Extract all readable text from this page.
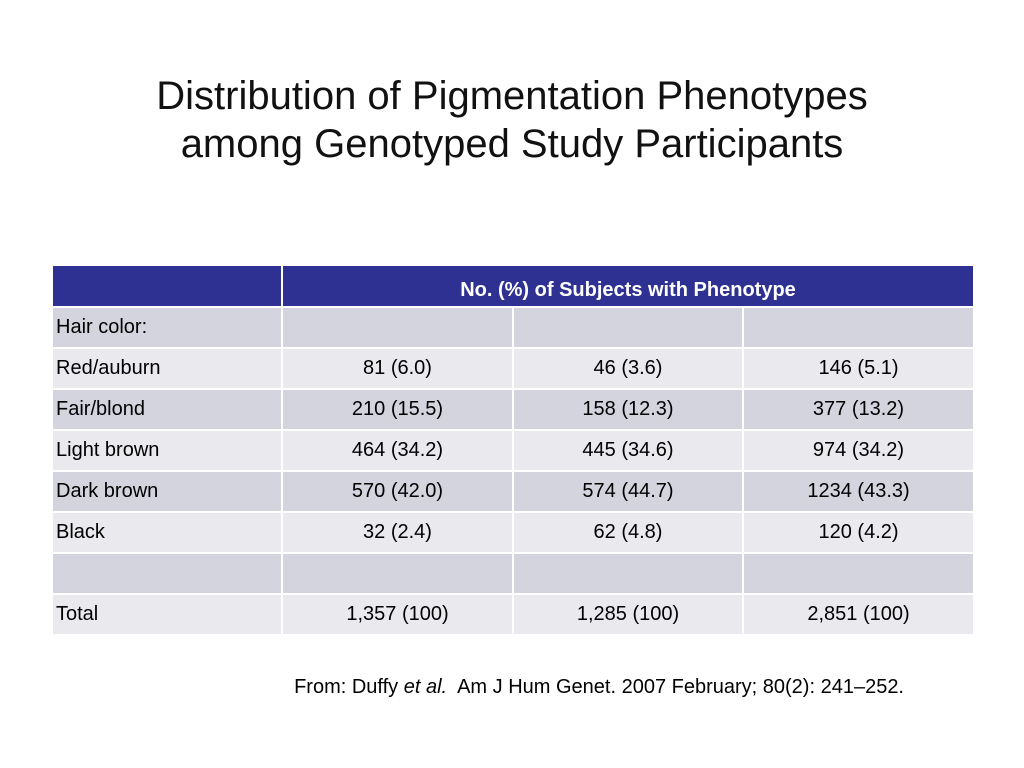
Distribution of Pigmentation Phenotypes
among Genotyped Study Participants
	No. (%) of Subjects with Phenotype		
Hair color:			
Red/auburn	81 (6.0)	46 (3.6)	146 (5.1)
Fair/blond	210 (15.5)	158 (12.3)	377 (13.2)
Light brown	464 (34.2)	445 (34.6)	974 (34.2)
Dark brown	570 (42.0)	574 (44.7)	1234 (43.3)
Black	32 (2.4)	62 (4.8)	120 (4.2)

Total	1,357 (100)	1,285 (100)	2,851 (100)
From: Duffy et al.  Am J Hum Genet. 2007 February; 80(2): 241–252.
